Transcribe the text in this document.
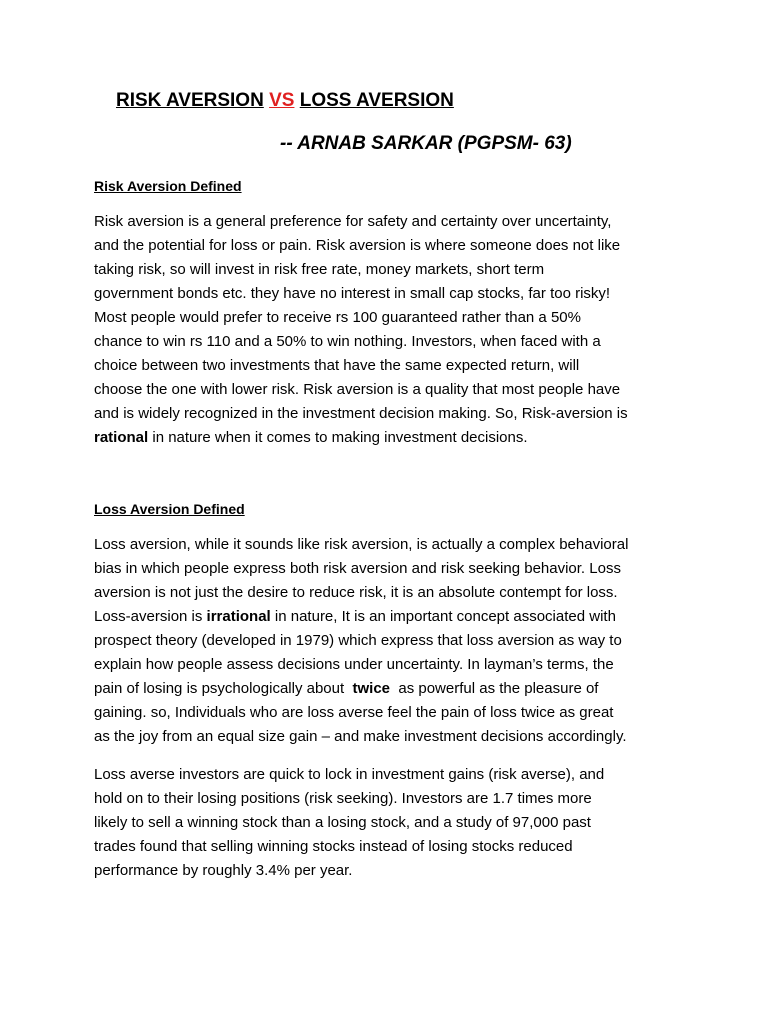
RISK AVERSION VS LOSS AVERSION
-- ARNAB SARKAR (PGPSM- 63)
Risk Aversion Defined
Risk aversion is a general preference for safety and certainty over uncertainty,
and the potential for loss or pain. Risk aversion is where someone does not like
taking risk, so will invest in risk free rate, money markets, short term
government bonds etc. they have no interest in small cap stocks, far too risky!
Most people would prefer to receive rs 100 guaranteed rather than a 50%
chance to win rs 110 and a 50% to win nothing. Investors, when faced with a
choice between two investments that have the same expected return, will
choose the one with lower risk. Risk aversion is a quality that most people have
and is widely recognized in the investment decision making. So, Risk-aversion is
rational in nature when it comes to making investment decisions.
Loss Aversion Defined
Loss aversion, while it sounds like risk aversion, is actually a complex behavioral
bias in which people express both risk aversion and risk seeking behavior. Loss
aversion is not just the desire to reduce risk, it is an absolute contempt for loss.
Loss-aversion is irrational in nature, It is an important concept associated with
prospect theory (developed in 1979) which express that loss aversion as way to
explain how people assess decisions under uncertainty. In layman’s terms, the
pain of losing is psychologically about  twice  as powerful as the pleasure of
gaining. so, Individuals who are loss averse feel the pain of loss twice as great
as the joy from an equal size gain – and make investment decisions accordingly.
Loss averse investors are quick to lock in investment gains (risk averse), and
hold on to their losing positions (risk seeking). Investors are 1.7 times more
likely to sell a winning stock than a losing stock, and a study of 97,000 past
trades found that selling winning stocks instead of losing stocks reduced
performance by roughly 3.4% per year.
